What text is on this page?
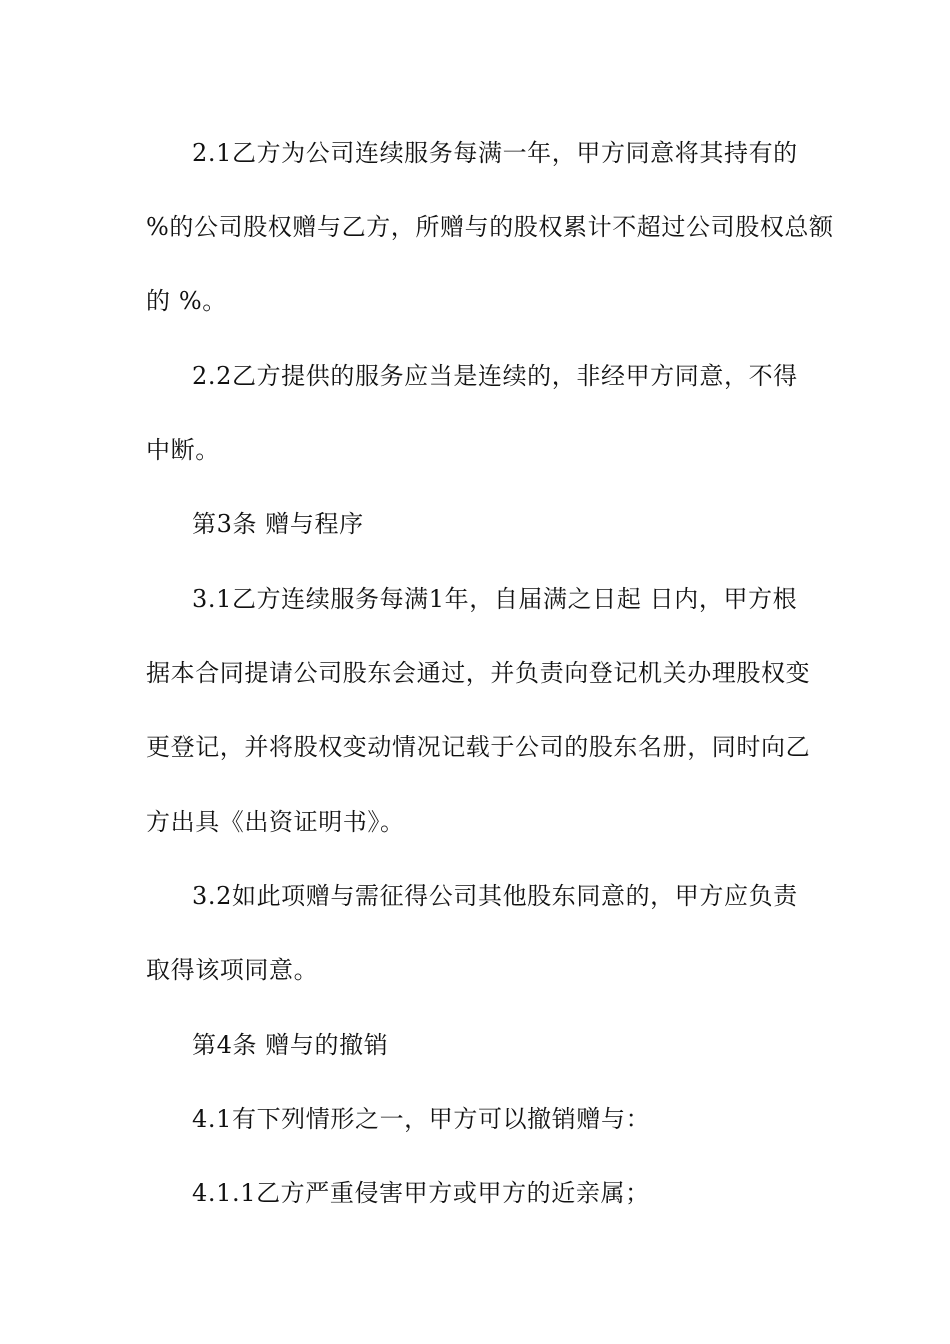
2.1乙方为公司连续服务每满一年，甲方同意将其持有的
%的公司股权赠与乙方，所赠与的股权累计不超过公司股权总额
的 %。
2.2乙方提供的服务应当是连续的，非经甲方同意，不得
中断。
第3条 赠与程序
3.1乙方连续服务每满1年，自届满之日起 日内，甲方根
据本合同提请公司股东会通过，并负责向登记机关办理股权变
更登记，并将股权变动情况记载于公司的股东名册，同时向乙
方出具《出资证明书》。
3.2如此项赠与需征得公司其他股东同意的，甲方应负责
取得该项同意。
第4条 赠与的撤销
4.1有下列情形之一，甲方可以撤销赠与：
4.1.1乙方严重侵害甲方或甲方的近亲属；
